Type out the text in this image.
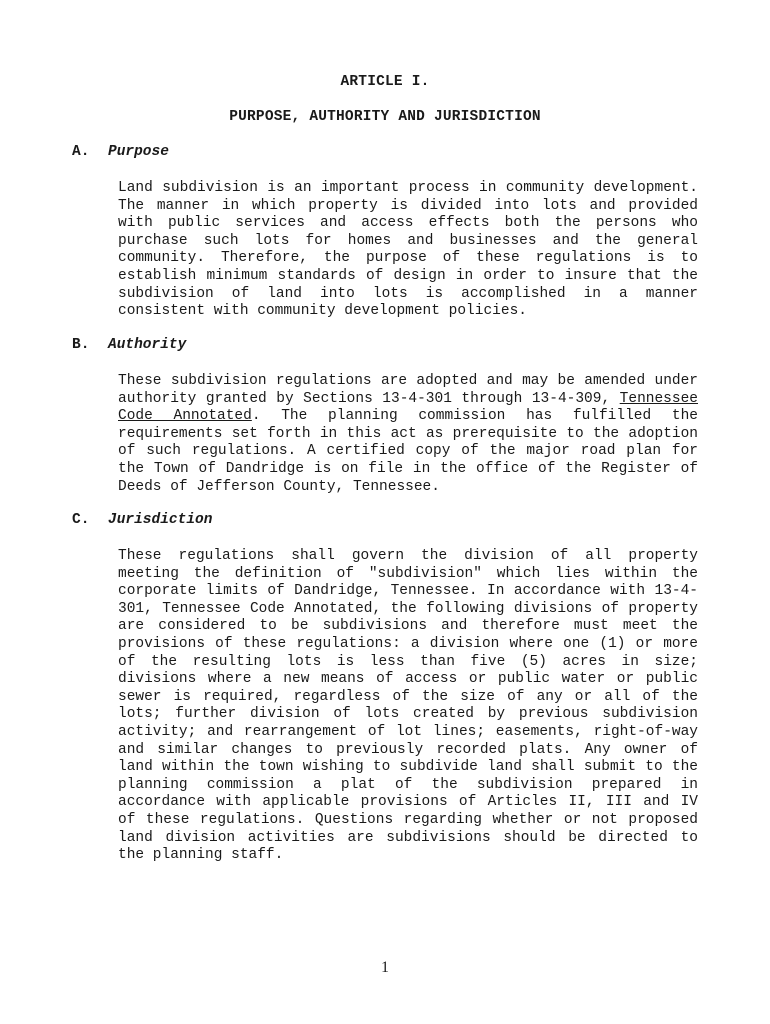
ARTICLE I.
PURPOSE, AUTHORITY AND JURISDICTION
A. Purpose

Land subdivision is an important process in community development. The manner in which property is divided into lots and provided with public services and access effects both the persons who purchase such lots for homes and businesses and the general community. Therefore, the purpose of these regulations is to establish minimum standards of design in order to insure that the subdivision of land into lots is accomplished in a manner consistent with community development policies.

B. Authority

These subdivision regulations are adopted and may be amended under authority granted by Sections 13-4-301 through 13-4-309, Tennessee Code Annotated. The planning commission has fulfilled the requirements set forth in this act as prerequisite to the adoption of such regulations. A certified copy of the major road plan for the Town of Dandridge is on file in the office of the Register of Deeds of Jefferson County, Tennessee.

C. Jurisdiction

These regulations shall govern the division of all property meeting the definition of "subdivision" which lies within the corporate limits of Dandridge, Tennessee. In accordance with 13-4-301, Tennessee Code Annotated, the following divisions of property are considered to be subdivisions and therefore must meet the provisions of these regulations: a division where one (1) or more of the resulting lots is less than five (5) acres in size; divisions where a new means of access or public water or public sewer is required, regardless of the size of any or all of the lots; further division of lots created by previous subdivision activity; and rearrangement of lot lines; easements, right-of-way and similar changes to previously recorded plats. Any owner of land within the town wishing to subdivide land shall submit to the planning commission a plat of the subdivision prepared in accordance with applicable provisions of Articles II, III and IV of these regulations. Questions regarding whether or not proposed land division activities are subdivisions should be directed to the planning staff.

1
